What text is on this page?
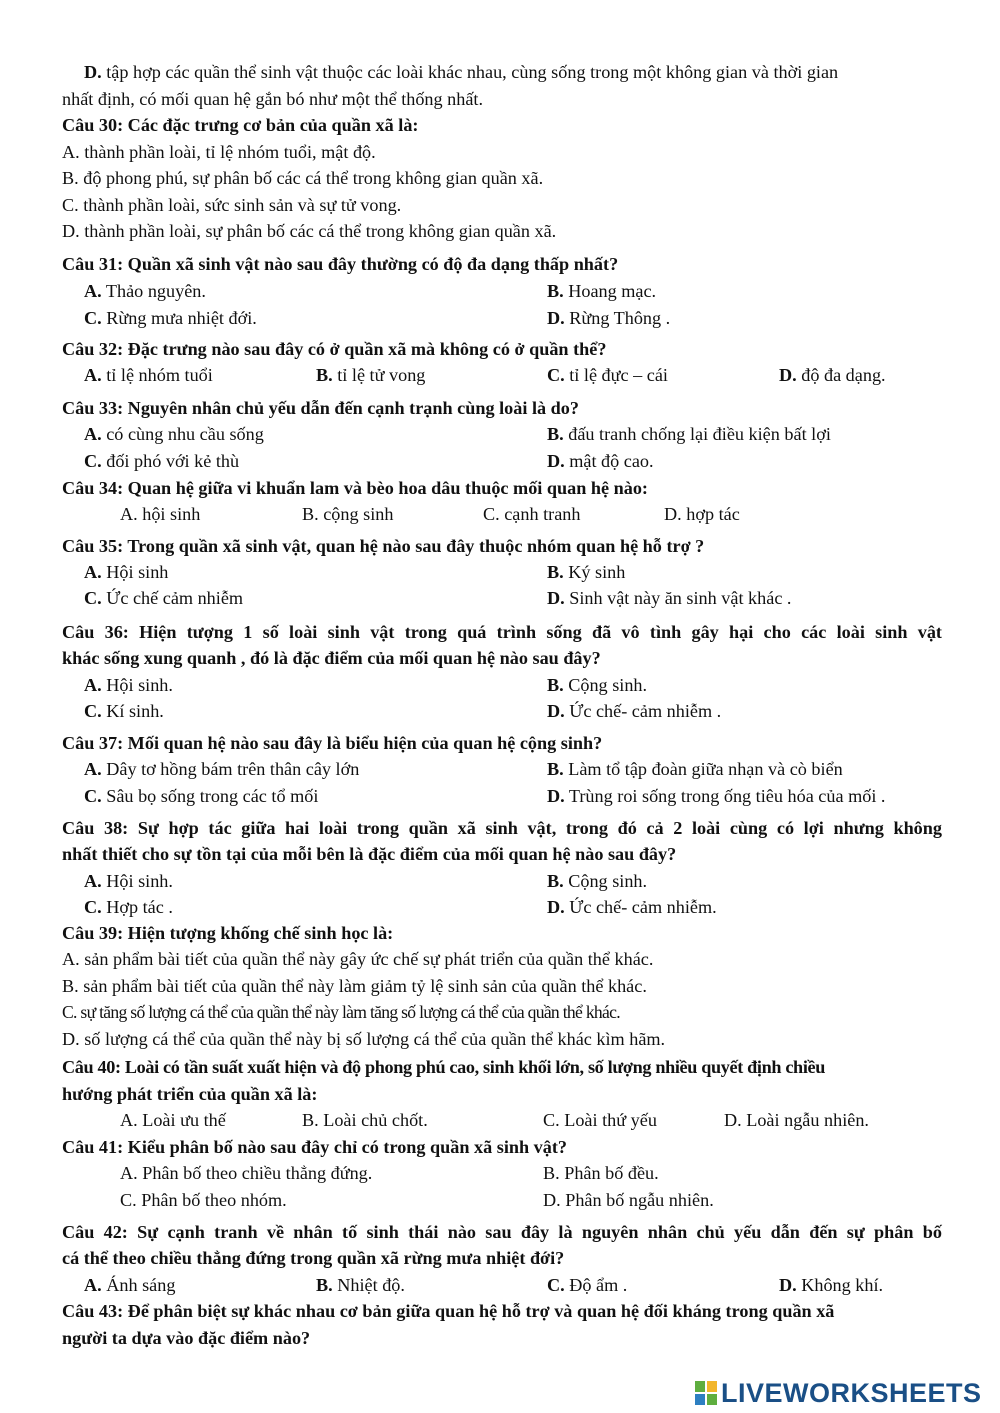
D. tập hợp các quần thể sinh vật thuộc các loài khác nhau, cùng sống trong một không gian và thời gian
nhất định, có mối quan hệ gắn bó như một thể thống nhất.
Câu 30: Các đặc trưng cơ bản của quần xã là:
A. thành phần loài, tỉ lệ nhóm tuổi, mật độ.
B. độ phong phú, sự phân bố các cá thể trong không gian quần xã.
C. thành phần loài, sức sinh sản và sự tử vong.
D. thành phần loài, sự phân bố các cá thể trong không gian quần xã.
Câu 31: Quần xã sinh vật nào sau đây thường có độ đa dạng thấp nhất?
A. Thảo nguyên.	B. Hoang mạc.
C. Rừng mưa nhiệt đới.	D. Rừng Thông .
Câu 32: Đặc trưng nào sau đây có ở quần xã mà không có ở quần thể?
A. tỉ lệ nhóm tuổi	B. tỉ lệ tử vong	C. tỉ lệ đực – cái	D. độ đa dạng.
Câu 33: Nguyên nhân chủ yếu dẫn đến cạnh trạnh cùng loài là do?
A. có cùng nhu cầu sống	B. đấu tranh chống lại điều kiện bất lợi
C. đối phó với kẻ thù	D. mật độ cao.
Câu 34: Quan hệ giữa vi khuẩn lam và bèo hoa dâu thuộc mối quan hệ nào:
A. hội sinh	B. cộng sinh	C. cạnh tranh	D. hợp tác
Câu 35: Trong quần xã sinh vật, quan hệ nào sau đây thuộc nhóm quan hệ hỗ trợ ?
A. Hội sinh	B. Ký sinh
C. Ức chế cảm nhiễm	D. Sinh vật này ăn sinh vật khác .
Câu 36: Hiện tượng 1 số loài sinh vật trong quá trình sống đã vô tình gây hại cho các loài sinh vật
khác sống xung quanh , đó là đặc điểm của mối quan hệ nào sau đây?
A. Hội sinh.	B. Cộng sinh.
C. Kí sinh.	D. Ức chế- cảm nhiễm .
Câu 37: Mối quan hệ nào sau đây là biểu hiện của quan hệ cộng sinh?
A. Dây tơ hồng bám trên thân cây lớn	B. Làm tổ tập đoàn giữa nhạn và cò biển
C. Sâu bọ sống trong các tổ mối	D. Trùng roi sống trong ống tiêu hóa của mối .
Câu 38: Sự hợp tác giữa hai loài trong quần xã sinh vật, trong đó cả 2 loài cùng có lợi nhưng không
nhất thiết cho sự tồn tại của mỗi bên là đặc điểm của mối quan hệ nào sau đây?
A. Hội sinh.	B. Cộng sinh.
C. Hợp tác .	D. Ức chế- cảm nhiễm.
Câu 39: Hiện tượng khống chế sinh học là:
A. sản phẩm bài tiết của quần thể này gây ức chế sự phát triển của quần thể khác.
B. sản phẩm bài tiết của quần thể này làm giảm tỷ lệ sinh sản của quần thể khác.
C. sự tăng số lượng cá thể của quần thể này làm tăng số lượng cá thể của quần thể khác.
D. số lượng cá thể của quần thể này bị số lượng cá thể của quần thể khác kìm hãm.
Câu 40: Loài có tần suất xuất hiện và độ phong phú cao, sinh khối lớn, số lượng nhiều quyết định chiều
hướng phát triển của quần xã là:
A. Loài ưu thế	B. Loài chủ chốt.	C. Loài thứ yếu	D. Loài ngẫu nhiên.
Câu 41: Kiểu phân bố nào sau đây chỉ có trong quần xã sinh vật?
A. Phân bố theo chiều thẳng đứng.	B. Phân bố đều.
C. Phân bố theo nhóm.	D. Phân bố ngẫu nhiên.
Câu 42: Sự cạnh tranh về nhân tố sinh thái nào sau đây là nguyên nhân chủ yếu dẫn đến sự phân bố
cá thể theo chiều thẳng đứng trong quần xã rừng mưa nhiệt đới?
A. Ánh sáng	B. Nhiệt độ.	C. Độ ẩm .	D. Không khí.
Câu 43: Để phân biệt sự khác nhau cơ bản giữa quan hệ hỗ trợ và quan hệ đối kháng trong quần xã
người ta dựa vào đặc điểm nào?
LIVEWORKSHEETS
